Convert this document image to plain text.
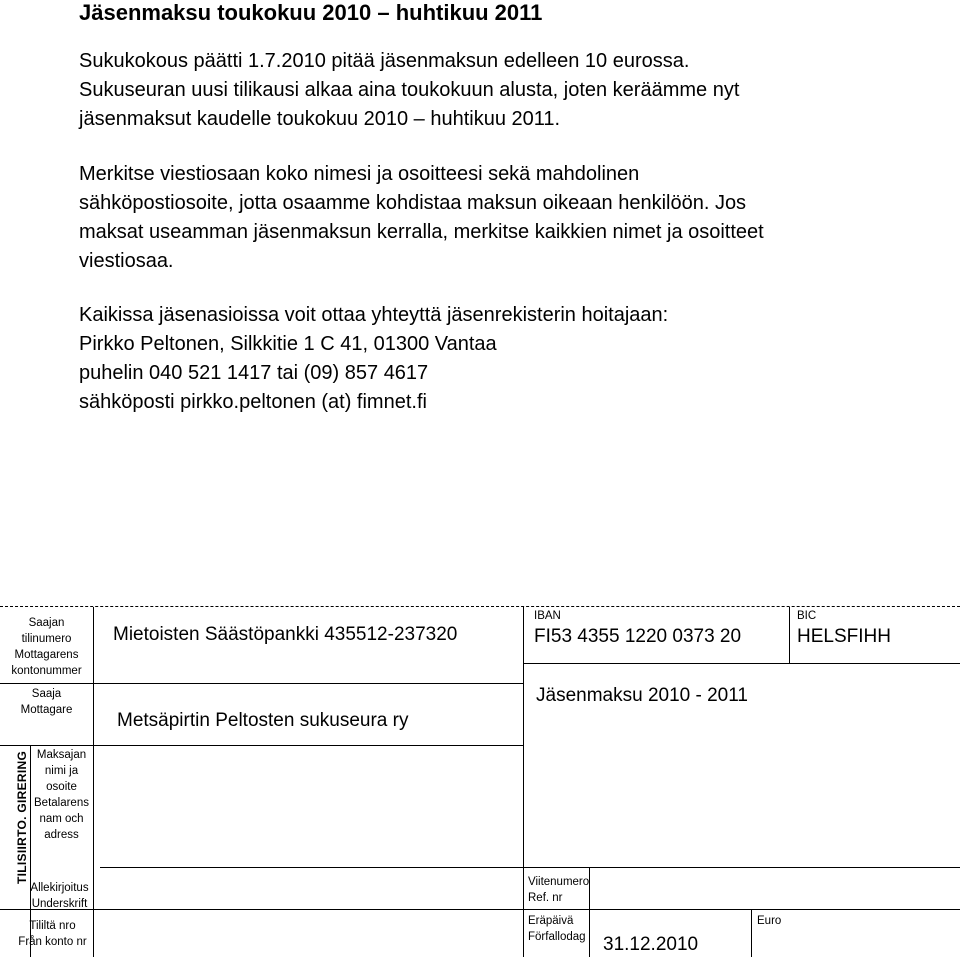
Jäsenmaksu toukokuu 2010 – huhtikuu 2011
Sukukokous päätti 1.7.2010 pitää jäsenmaksun edelleen 10 eurossa.
Sukuseuran uusi tilikausi alkaa aina toukokuun alusta, joten keräämme nyt
jäsenmaksut kaudelle toukokuu 2010 – huhtikuu 2011.
Merkitse viestiosaan koko nimesi ja osoitteesi sekä mahdolinen
sähköpostiosoite, jotta osaamme kohdistaa maksun oikeaan henkilöön. Jos
maksat useamman jäsenmaksun kerralla, merkitse kaikkien nimet ja osoitteet
viestiosaa.
Kaikissa jäsenasioissa voit ottaa yhteyttä jäsenrekisterin hoitajaan:
Pirkko Peltonen, Silkkitie 1 C 41, 01300 Vantaa
puhelin 040 521 1417 tai (09) 857 4617
sähköposti pirkko.peltonen (at) fimnet.fi
TILISIIRTO. GIRERING
Saajan
tilinumero
Mottagarens
kontonummer
Saaja
Mottagare
Maksajan
nimi ja
osoite
Betalarens
nam och
adress
Allekirjoitus
Underskrift
Tililtä nro
Från konto nr
Mietoisten Säästöpankki 435512-237320
Metsäpirtin Peltosten sukuseura ry
IBAN
FI53 4355 1220 0373 20
BIC
HELSFIHH
Jäsenmaksu 2010 - 2011
Viitenumero
Ref. nr
Eräpäivä
Förfallodag 31.12.2010
Euro
